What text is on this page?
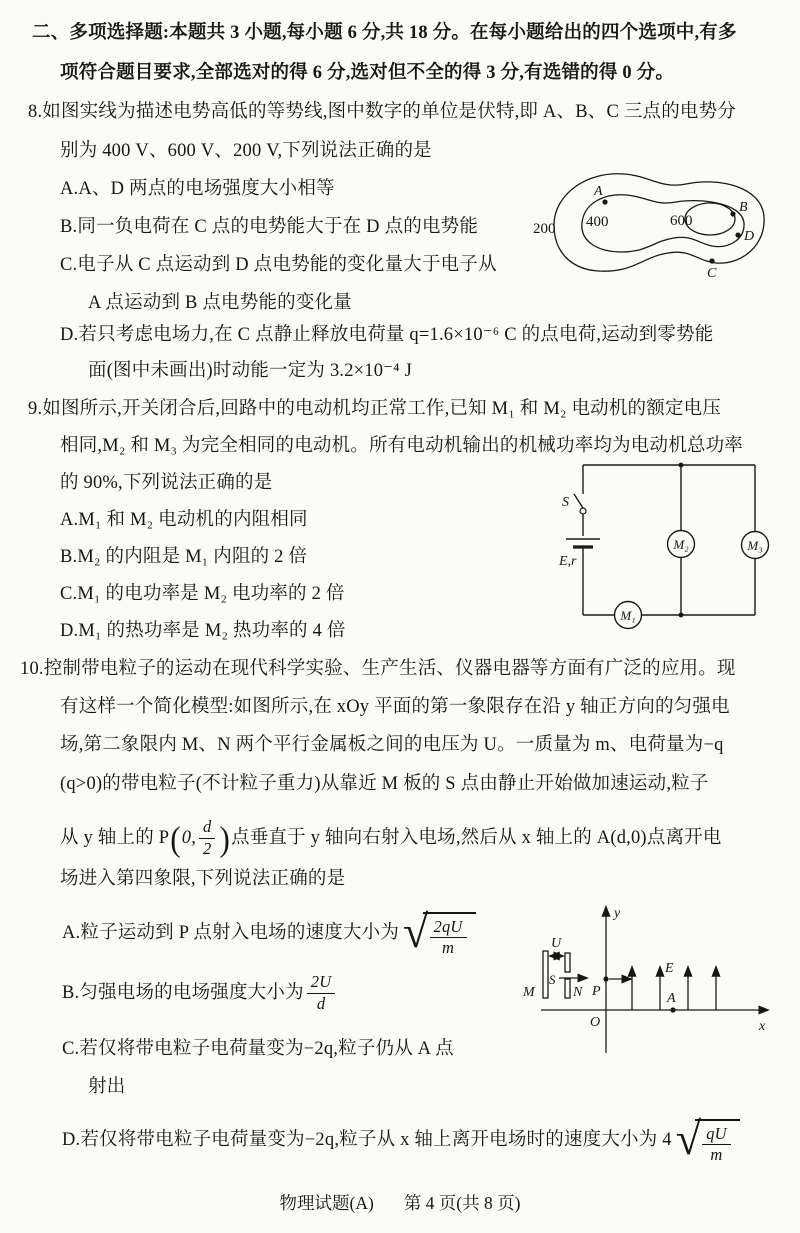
二、多项选择题:本题共 3 小题,每小题 6 分,共 18 分。在每小题给出的四个选项中,有多
项符合题目要求,全部选对的得 6 分,选对但不全的得 3 分,有选错的得 0 分。
8.如图实线为描述电势高低的等势线,图中数字的单位是伏特,即 A、B、C 三点的电势分
别为 400 V、600 V、200 V,下列说法正确的是
A.A、D 两点的电场强度大小相等
B.同一负电荷在 C 点的电势能大于在 D 点的电势能
C.电子从 C 点运动到 D 点电势能的变化量大于电子从
A 点运动到 B 点电势能的变化量
D.若只考虑电场力,在 C 点静止释放电荷量 q=1.6×10⁻⁶ C 的点电荷,运动到零势能
面(图中未画出)时动能一定为 3.2×10⁻⁴ J
200 400	600
A
B
C
D
9.如图所示,开关闭合后,回路中的电动机均正常工作,已知 M₁ 和 M₂ 电动机的额定电压
相同,M₂ 和 M₃ 为完全相同的电动机。所有电动机输出的机械功率均为电动机总功率
的 90%,下列说法正确的是
A.M₁ 和 M₂ 电动机的内阻相同
B.M₂ 的内阻是 M₁ 内阻的 2 倍
C.M₁ 的电功率是 M₂ 电功率的 2 倍
D.M₁ 的热功率是 M₂ 热功率的 4 倍
S
E,r
M₁
M₂	M₃
10.控制带电粒子的运动在现代科学实验、生产生活、仪器电器等方面有广泛的应用。现
有这样一个简化模型:如图所示,在 xOy 平面的第一象限存在沿 y 轴正方向的匀强电
场,第二象限内 M、N 两个平行金属板之间的电压为 U。一质量为 m、电荷量为−q
(q>0)的带电粒子(不计粒子重力)从靠近 M 板的 S 点由静止开始做加速运动,粒子
从 y 轴上的 P ( 0, $\frac{d}{2}$ ) 点垂直于 y 轴向右射入电场,然后从 x 轴上的 A(d,0)点离开电
场进入第四象限,下列说法正确的是
A.粒子运动到 P 点射入电场的速度大小为 √ $\frac{2qU}{m}$
B.匀强电场的电场强度大小为 $\frac{2U}{d}$
C.若仅将带电粒子电荷量变为−2q,粒子仍从 A 点
射出
D.若仅将带电粒子电荷量变为−2q,粒子从 x 轴上离开电场时的速度大小为 4 √ $\frac{qU}{m}$
y
x
O
M	N
U
S
P
E
A
物理试题(A) 第 4 页(共 8 页)
